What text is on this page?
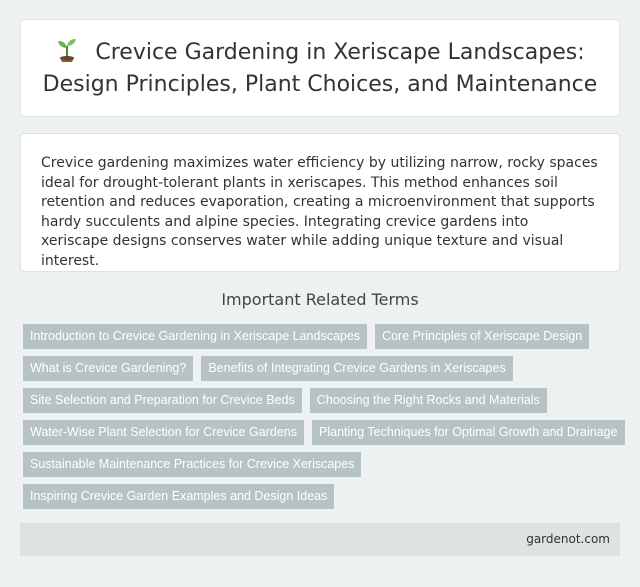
Crevice Gardening in Xeriscape Landscapes:
Design Principles, Plant Choices, and Maintenance

Crevice gardening maximizes water efficiency by utilizing narrow, rocky spaces ideal for drought-tolerant plants in xeriscapes. This method enhances soil retention and reduces evaporation, creating a microenvironment that supports hardy succulents and alpine species. Integrating crevice gardens into xeriscape designs conserves water while adding unique texture and visual interest.

Important Related Terms
Introduction to Crevice Gardening in Xeriscape Landscapes	Core Principles of Xeriscape Design
What is Crevice Gardening?	Benefits of Integrating Crevice Gardens in Xeriscapes
Site Selection and Preparation for Crevice Beds	Choosing the Right Rocks and Materials
Water-Wise Plant Selection for Crevice Gardens	Planting Techniques for Optimal Growth and Drainage
Sustainable Maintenance Practices for Crevice Xeriscapes
Inspiring Crevice Garden Examples and Design Ideas
gardenot.com
